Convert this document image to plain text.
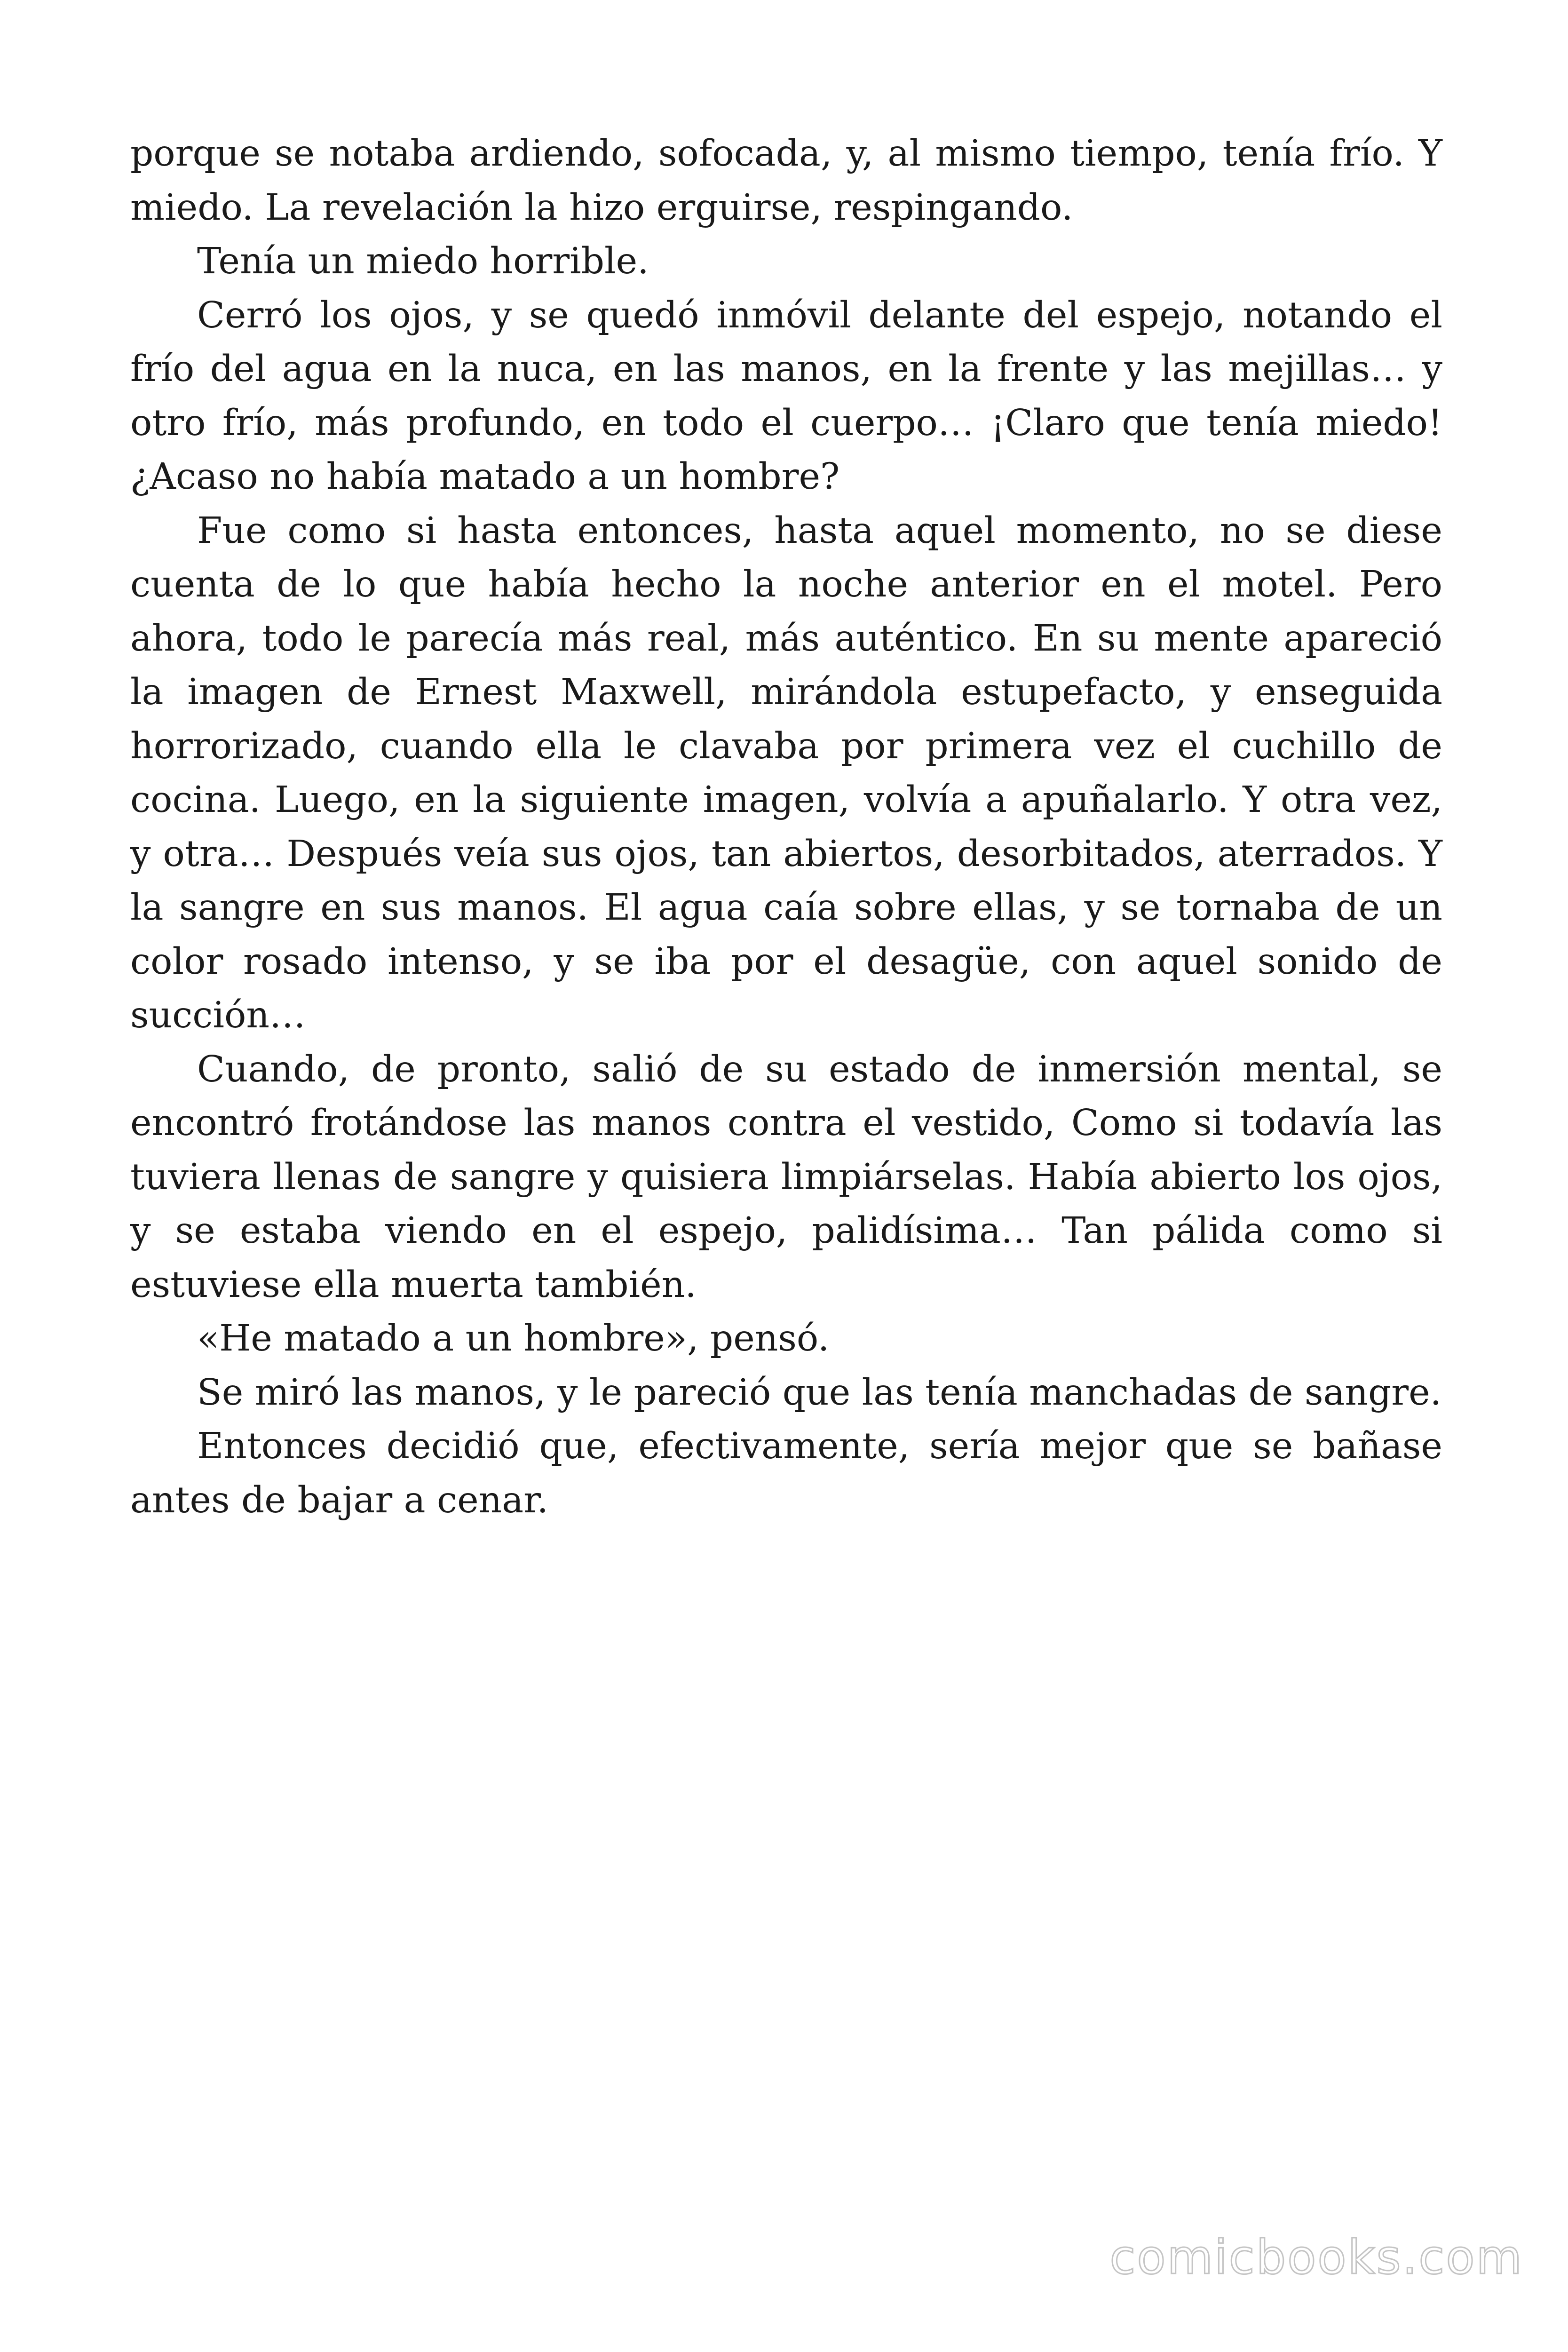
porque se notaba ardiendo, sofocada, y, al mismo tiempo, tenía frío. Y miedo. La revelación la hizo erguirse, respingando.

Tenía un miedo horrible.

Cerró los ojos, y se quedó inmóvil delante del espejo, notando el frío del agua en la nuca, en las manos, en la frente y las mejillas… y otro frío, más profundo, en todo el cuerpo… ¡Claro que tenía miedo! ¿Acaso no había matado a un hombre?

Fue como si hasta entonces, hasta aquel momento, no se diese cuenta de lo que había hecho la noche anterior en el motel. Pero ahora, todo le parecía más real, más auténtico. En su mente apareció la imagen de Ernest Maxwell, mirándola estupefacto, y enseguida horrorizado, cuando ella le clavaba por primera vez el cuchillo de cocina. Luego, en la siguiente imagen, volvía a apuñalarlo. Y otra vez, y otra… Después veía sus ojos, tan abiertos, desorbitados, aterrados. Y la sangre en sus manos. El agua caía sobre ellas, y se tornaba de un color rosado intenso, y se iba por el desagüe, con aquel sonido de succión…

Cuando, de pronto, salió de su estado de inmersión mental, se encontró frotándose las manos contra el vestido, Como si todavía las tuviera llenas de sangre y quisiera limpiárselas. Había abierto los ojos, y se estaba viendo en el espejo, palidísima… Tan pálida como si estuviese ella muerta también.

«He matado a un hombre», pensó.

Se miró las manos, y le pareció que las tenía manchadas de sangre.

Entonces decidió que, efectivamente, sería mejor que se bañase antes de bajar a cenar.

comicbooks.com
